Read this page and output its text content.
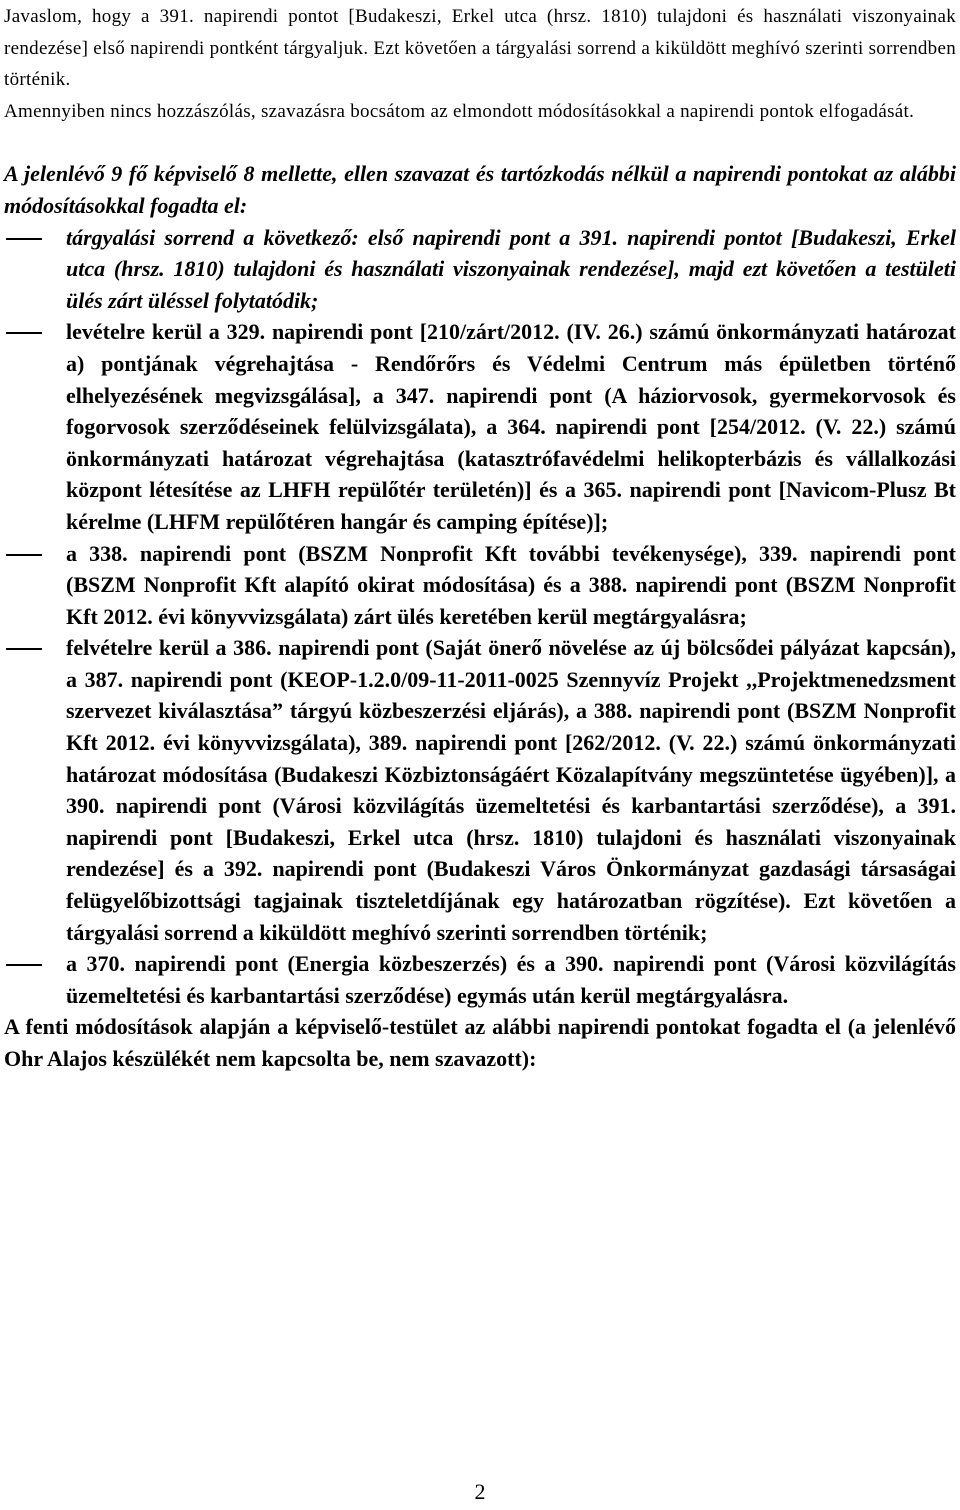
Javaslom, hogy a 391. napirendi pontot [Budakeszi, Erkel utca (hrsz. 1810) tulajdoni és használati viszonyainak rendezése] első napirendi pontként tárgyaljuk. Ezt követően a tárgyalási sorrend a kiküldött meghívó szerinti sorrendben történik.
Amennyiben nincs hozzászólás, szavazásra bocsátom az elmondott módosításokkal a napirendi pontok elfogadását.

A jelenlévő 9 fő képviselő 8 mellette, ellen szavazat és tartózkodás nélkül a napirendi pontokat az alábbi módosításokkal fogadta el:
tárgyalási sorrend a következő: első napirendi pont a 391. napirendi pontot [Budakeszi, Erkel utca (hrsz. 1810) tulajdoni és használati viszonyainak rendezése], majd ezt követően a testületi ülés zárt üléssel folytatódik;
levételre kerül a 329. napirendi pont [210/zárt/2012. (IV. 26.) számú önkormányzati határozat a) pontjának végrehajtása - Rendőrőrs és Védelmi Centrum más épületben történő elhelyezésének megvizsgálása], a 347. napirendi pont (A háziorvosok, gyermekorvosok és fogorvosok szerződéseinek felülvizsgálata), a 364. napirendi pont [254/2012. (V. 22.) számú önkormányzati határozat végrehajtása (katasztrófavédelmi helikopterbázis és vállalkozási központ létesítése az LHFH repülőtér területén)] és a 365. napirendi pont [Navicom-Plusz Bt kérelme (LHFM repülőtéren hangár és camping építése)];
a 338. napirendi pont (BSZM Nonprofit Kft további tevékenysége), 339. napirendi pont (BSZM Nonprofit Kft alapító okirat módosítása) és a 388. napirendi pont (BSZM Nonprofit Kft 2012. évi könyvvizsgálata) zárt ülés keretében kerül megtárgyalásra;
felvételre kerül a 386. napirendi pont (Saját önerő növelése az új bölcsődei pályázat kapcsán), a 387. napirendi pont (KEOP-1.2.0/09-11-2011-0025 Szennyvíz Projekt ,,Projektmenedzsment szervezet kiválasztása” tárgyú közbeszerzési eljárás), a 388. napirendi pont (BSZM Nonprofit Kft 2012. évi könyvvizsgálata), 389. napirendi pont [262/2012. (V. 22.) számú önkormányzati határozat módosítása (Budakeszi Közbiztonságáért Közalapítvány megszüntetése ügyében)], a 390. napirendi pont (Városi közvilágítás üzemeltetési és karbantartási szerződése), a 391. napirendi pont [Budakeszi, Erkel utca (hrsz. 1810) tulajdoni és használati viszonyainak rendezése] és a 392. napirendi pont (Budakeszi Város Önkormányzat gazdasági társaságai felügyelőbizottsági tagjainak tiszteletdíjának egy határozatban rögzítése). Ezt követően a tárgyalási sorrend a kiküldött meghívó szerinti sorrendben történik;
a 370. napirendi pont (Energia közbeszerzés) és a 390. napirendi pont (Városi közvilágítás üzemeltetési és karbantartási szerződése) egymás után kerül megtárgyalásra.

A fenti módosítások alapján a képviselő-testület az alábbi napirendi pontokat fogadta el (a jelenlévő Ohr Alajos készülékét nem kapcsolta be, nem szavazott):

2
